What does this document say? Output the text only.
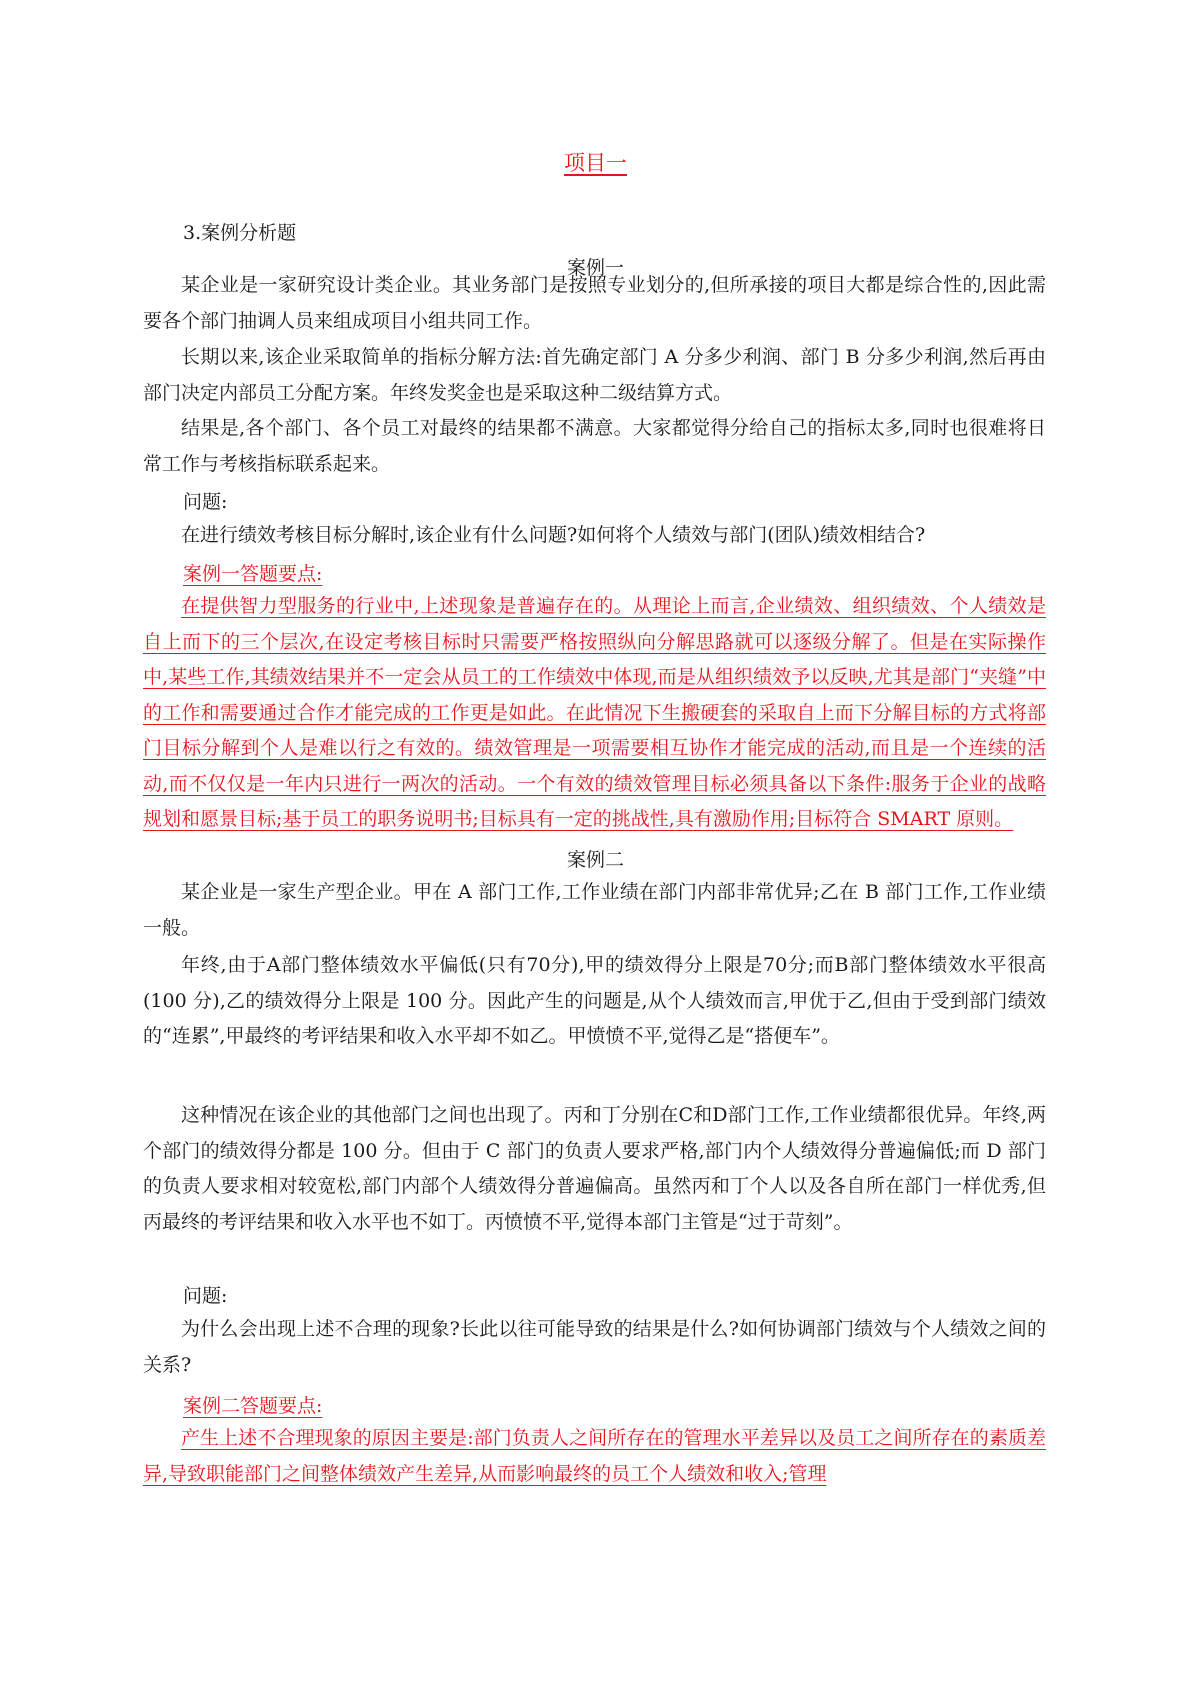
项目一
3.案例分析题
案例一
某企业是一家研究设计类企业。其业务部门是按照专业划分的,但所承接的项目大都是综合性的,因此需要各个部门抽调人员来组成项目小组共同工作。
长期以来,该企业采取简单的指标分解方法:首先确定部门 A 分多少利润、部门 B 分多少利润,然后再由部门决定内部员工分配方案。年终发奖金也是采取这种二级结算方式。
结果是,各个部门、各个员工对最终的结果都不满意。大家都觉得分给自己的指标太多,同时也很难将日常工作与考核指标联系起来。
问题:
在进行绩效考核目标分解时,该企业有什么问题?如何将个人绩效与部门(团队)绩效相结合?
案例一答题要点:
在提供智力型服务的行业中,上述现象是普遍存在的。从理论上而言,企业绩效、组织绩效、个人绩效是自上而下的三个层次,在设定考核目标时只需要严格按照纵向分解思路就可以逐级分解了。但是在实际操作中,某些工作,其绩效结果并不一定会从员工的工作绩效中体现,而是从组织绩效予以反映,尤其是部门“夹缝”中的工作和需要通过合作才能完成的工作更是如此。在此情况下生搬硬套的采取自上而下分解目标的方式将部门目标分解到个人是难以行之有效的。绩效管理是一项需要相互协作才能完成的活动,而且是一个连续的活动,而不仅仅是一年内只进行一两次的活动。一个有效的绩效管理目标必须具备以下条件:服务于企业的战略规划和愿景目标;基于员工的职务说明书;目标具有一定的挑战性,具有激励作用;目标符合 SMART 原则。
案例二
某企业是一家生产型企业。甲在 A 部门工作,工作业绩在部门内部非常优异;乙在 B 部门工作,工作业绩一般。
年终,由于A部门整体绩效水平偏低(只有70分),甲的绩效得分上限是70分;而B部门整体绩效水平很高(100 分),乙的绩效得分上限是 100 分。因此产生的问题是,从个人绩效而言,甲优于乙,但由于受到部门绩效的“连累”,甲最终的考评结果和收入水平却不如乙。甲愤愤不平,觉得乙是“搭便车”。
这种情况在该企业的其他部门之间也出现了。丙和丁分别在C和D部门工作,工作业绩都很优异。年终,两个部门的绩效得分都是 100 分。但由于 C 部门的负责人要求严格,部门内个人绩效得分普遍偏低;而 D 部门的负责人要求相对较宽松,部门内部个人绩效得分普遍偏高。虽然丙和丁个人以及各自所在部门一样优秀,但丙最终的考评结果和收入水平也不如丁。丙愤愤不平,觉得本部门主管是“过于苛刻”。
问题:
为什么会出现上述不合理的现象?长此以往可能导致的结果是什么?如何协调部门绩效与个人绩效之间的关系?
案例二答题要点:
产生上述不合理现象的原因主要是:部门负责人之间所存在的管理水平差异以及员工之间所存在的素质差异,导致职能部门之间整体绩效产生差异,从而影响最终的员工个人绩效和收入;管理
